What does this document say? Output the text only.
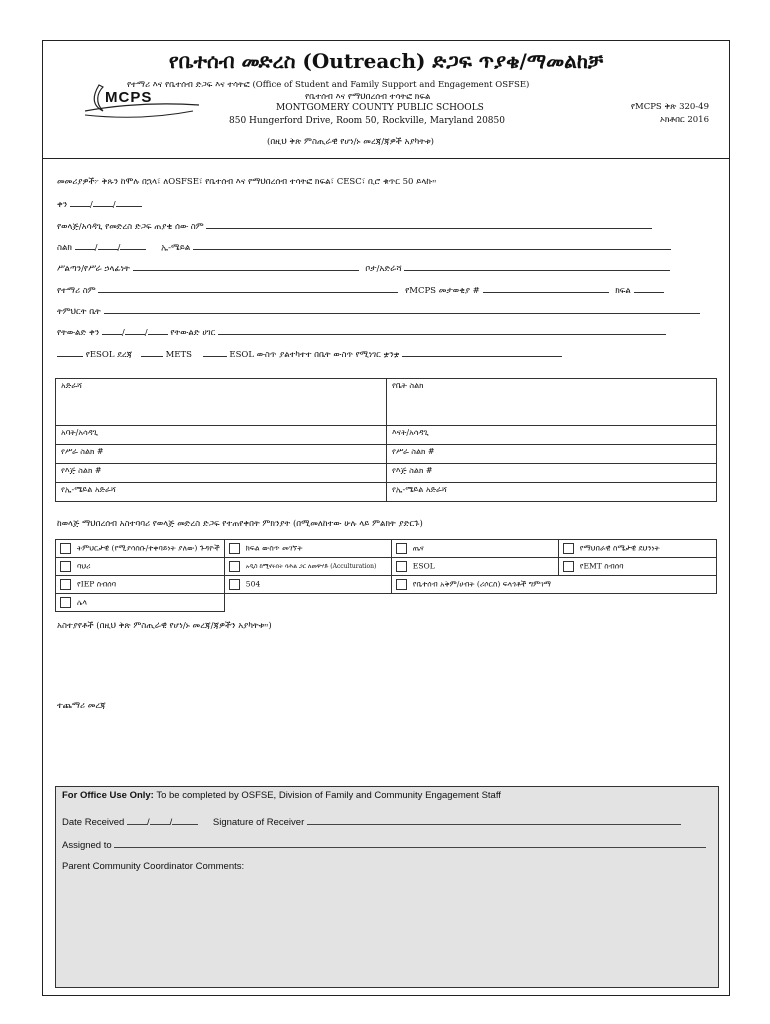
የቤተሰብ መድረስ (Outreach) ድጋፍ ጥያቄ/ማመልከቻ
የተማሪ እና የቤተሰብ ድጋፍ እና ተሳትፎ (Office of Student and Family Support and Engagement OSFSE)
የቤተሰብ እና የማህበረሰብ ተሳትፎ ክፍል
MONTGOMERY COUNTY PUBLIC SCHOOLS
850 Hungerford Drive, Room 50, Rockville, Maryland 20850
(በዚህ ቅጽ ምስጢራዊ የሆነ/ኑ መረጃ/ጃዎች አያካትቱ)
MCPS
የMCPS ቅጽ 320-49
ኦክቶበር 2016
መመሪያዎች፦ ቅጹን ከሞሉ በኋላ፣ ለOSFSE፣ የቤተሰብ እና የማህበረሰብ ተሳትፎ ክፍል፣ CESC፣ ቢሮ ቁጥር 50 ይላኩ።
ቀን	/ /
የወላጅ/አሳዳጊ የመድረስ ድጋፍ ጠያቂ ሰው ስም
ስልክ	/ /	ኢ-ሜይል
ሥልጣን/የሥራ ኃላፊነት	ቦታ/አድራሻ
የተማሪ ስም	የMCPS መታወቂያ #	ክፍል
ትምህርት ቤት
የትውልድ ቀን	/ /	የትውልድ ሀገር
የESOL ደረጃ	METS	ESOL ውስጥ ያልተካተተ በቤት ውስጥ የሚነገር ቋንቋ
አድራሻ	የቤት ስልክ
አባት/አሳዳጊ	እናት/አሳዳጊ
የሥራ ስልክ #	የሥራ ስልክ #
የእጅ ስልክ #	የእጅ ስልክ #
የኢ-ሜይል አድራሻ	የኢ-ሜይል አድራሻ
ከወላጅ ማህበረሰብ አስተባባሪ የወላጅ መድረስ ድጋፍ የተጠየቀበት ምክንያት (በሚመለከተው ሁሉ ላይ ምልክት ያድርጉ)
ትምህርታዊ (የሚያሳስቡ/ተቀባይነት ያለው) ጉዳዮች	ክፍል ውስጥ መገኘት	ጤና	የማህበራዊ ስሜታዊ ደህንነት
ባህሪ	አዲስ ከሚኖሩበት ባሕል ጋር ለመዋሃድ (Acculturation)	ESOL	የEMT ስብሰባ
የIEP ስብሰባ	504	የቤተሰብ አቅም/ሀብት (ሪሶርስ) ፍላጎቶች ግምገማ	
ሌላ			
አስተያየቶች (በዚህ ቅጽ ምስጢራዊ የሆነ/ኑ መረጃ/ጃዎችን አያካትቱ።)
ተጨማሪ መረጃ
For Office Use Only: To be completed by OSFSE, Division of Family and Community Engagement Staff
Date Received / /	Signature of Receiver
Assigned to
Parent Community Coordinator Comments:
